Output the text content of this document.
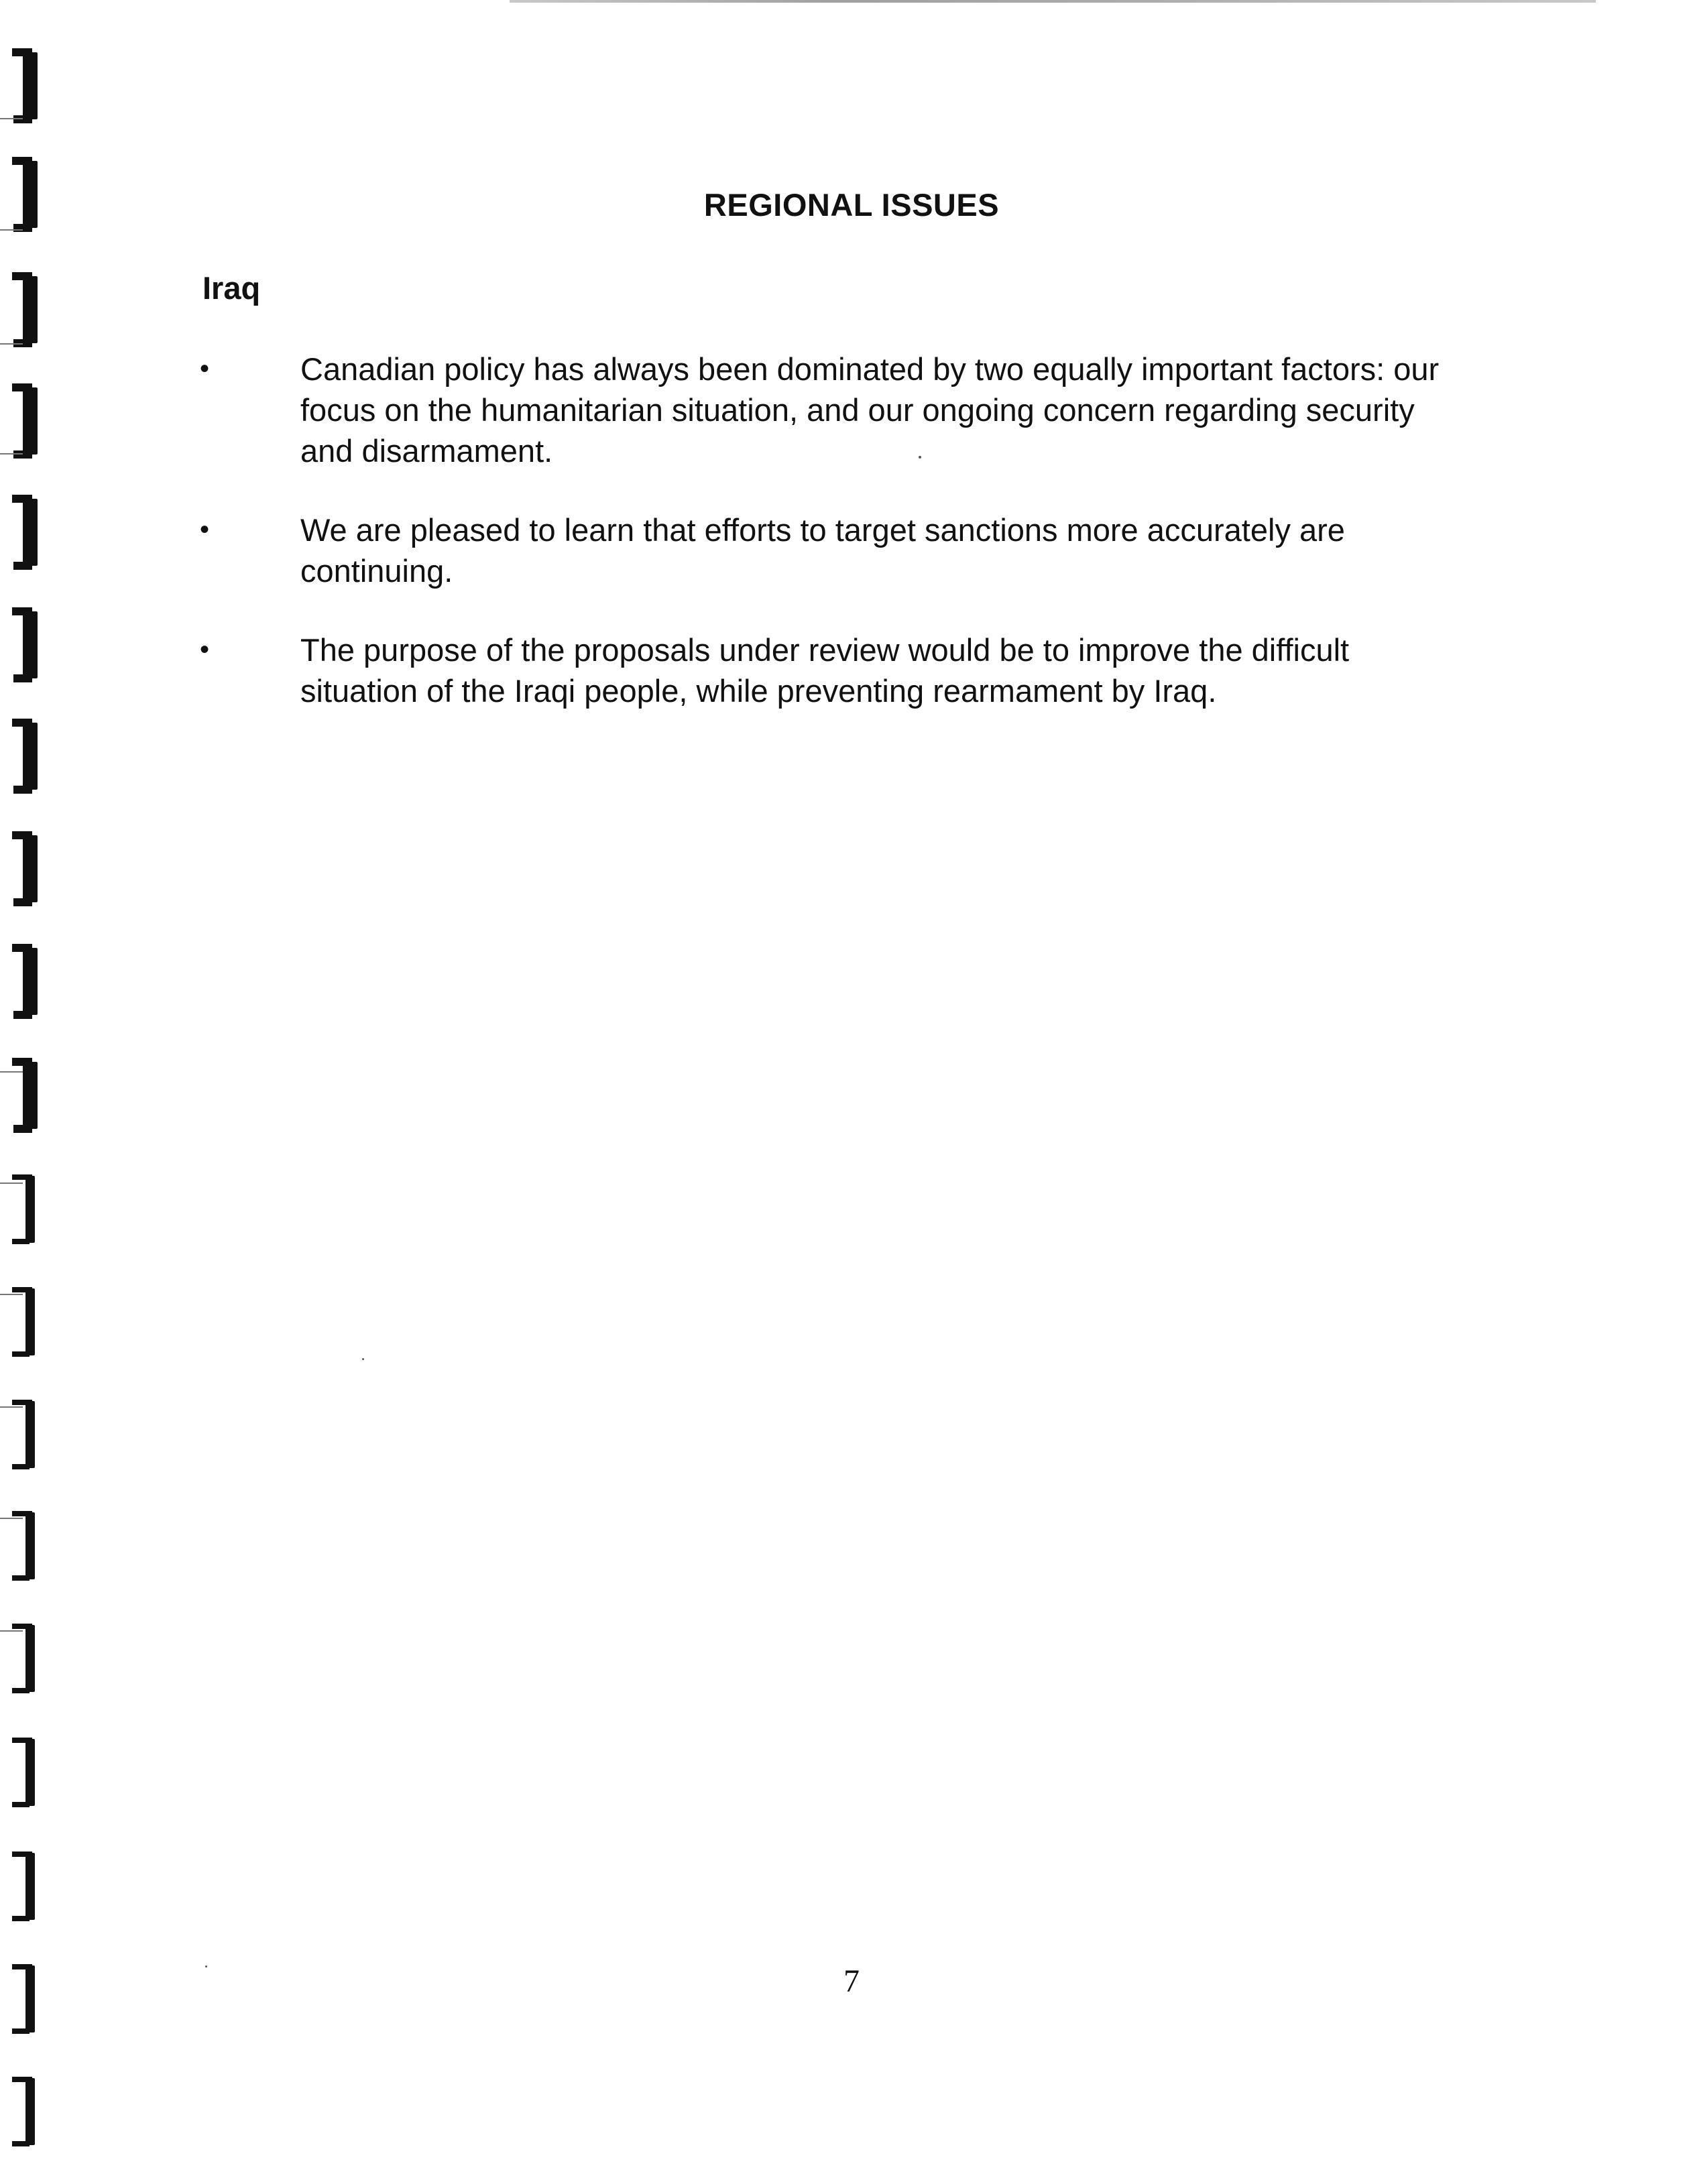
REGIONAL ISSUES
Iraq
•	Canadian policy has always been dominated by two equally important factors: our focus on the humanitarian situation, and our ongoing concern regarding security and disarmament.
•	We are pleased to learn that efforts to target sanctions more accurately are continuing.
•	The purpose of the proposals under review would be to improve the difficult situation of the Iraqi people, while preventing rearmament by Iraq.
7
